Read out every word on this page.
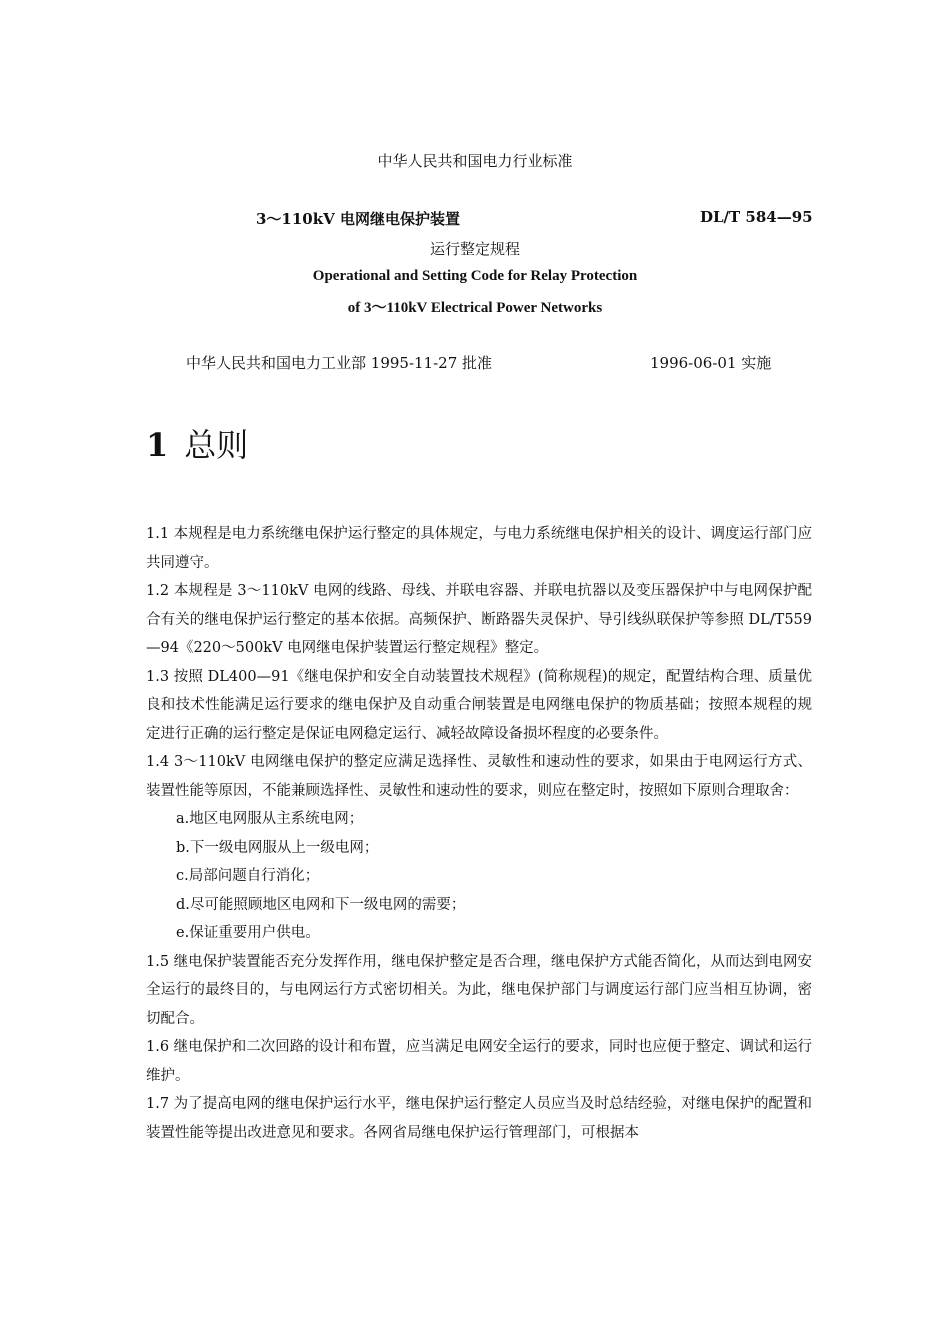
中华人民共和国电力行业标准
3～110kV 电网继电保护装置	DL/T 584—95
运行整定规程
Operational and Setting Code for Relay Protection
of 3～110kV Electrical Power Networks
中华人民共和国电力工业部 1995-11-27 批准	1996-06-01 实施
1 总则

1.1 本规程是电力系统继电保护运行整定的具体规定，与电力系统继电保护相关的设计、调度运行部门应共同遵守。

1.2 本规程是 3～110kV 电网的线路、母线、并联电容器、并联电抗器以及变压器保护中与电网保护配合有关的继电保护运行整定的基本依据。高频保护、断路器失灵保护、导引线纵联保护等参照 DL/T559—94《220～500kV 电网继电保护装置运行整定规程》整定。

1.3 按照 DL400—91《继电保护和安全自动装置技术规程》(简称规程)的规定，配置结构合理、质量优良和技术性能满足运行要求的继电保护及自动重合闸装置是电网继电保护的物质基础；按照本规程的规定进行正确的运行整定是保证电网稳定运行、减轻故障设备损坏程度的必要条件。

1.4 3～110kV 电网继电保护的整定应满足选择性、灵敏性和速动性的要求，如果由于电网运行方式、装置性能等原因，不能兼顾选择性、灵敏性和速动性的要求，则应在整定时，按照如下原则合理取舍：

a.地区电网服从主系统电网；

b.下一级电网服从上一级电网；

c.局部问题自行消化；

d.尽可能照顾地区电网和下一级电网的需要；

e.保证重要用户供电。

1.5 继电保护装置能否充分发挥作用，继电保护整定是否合理，继电保护方式能否简化，从而达到电网安全运行的最终目的，与电网运行方式密切相关。为此，继电保护部门与调度运行部门应当相互协调，密切配合。

1.6 继电保护和二次回路的设计和布置，应当满足电网安全运行的要求，同时也应便于整定、调试和运行维护。

1.7 为了提高电网的继电保护运行水平，继电保护运行整定人员应当及时总结经验，对继电保护的配置和装置性能等提出改进意见和要求。各网省局继电保护运行管理部门，可根据本
